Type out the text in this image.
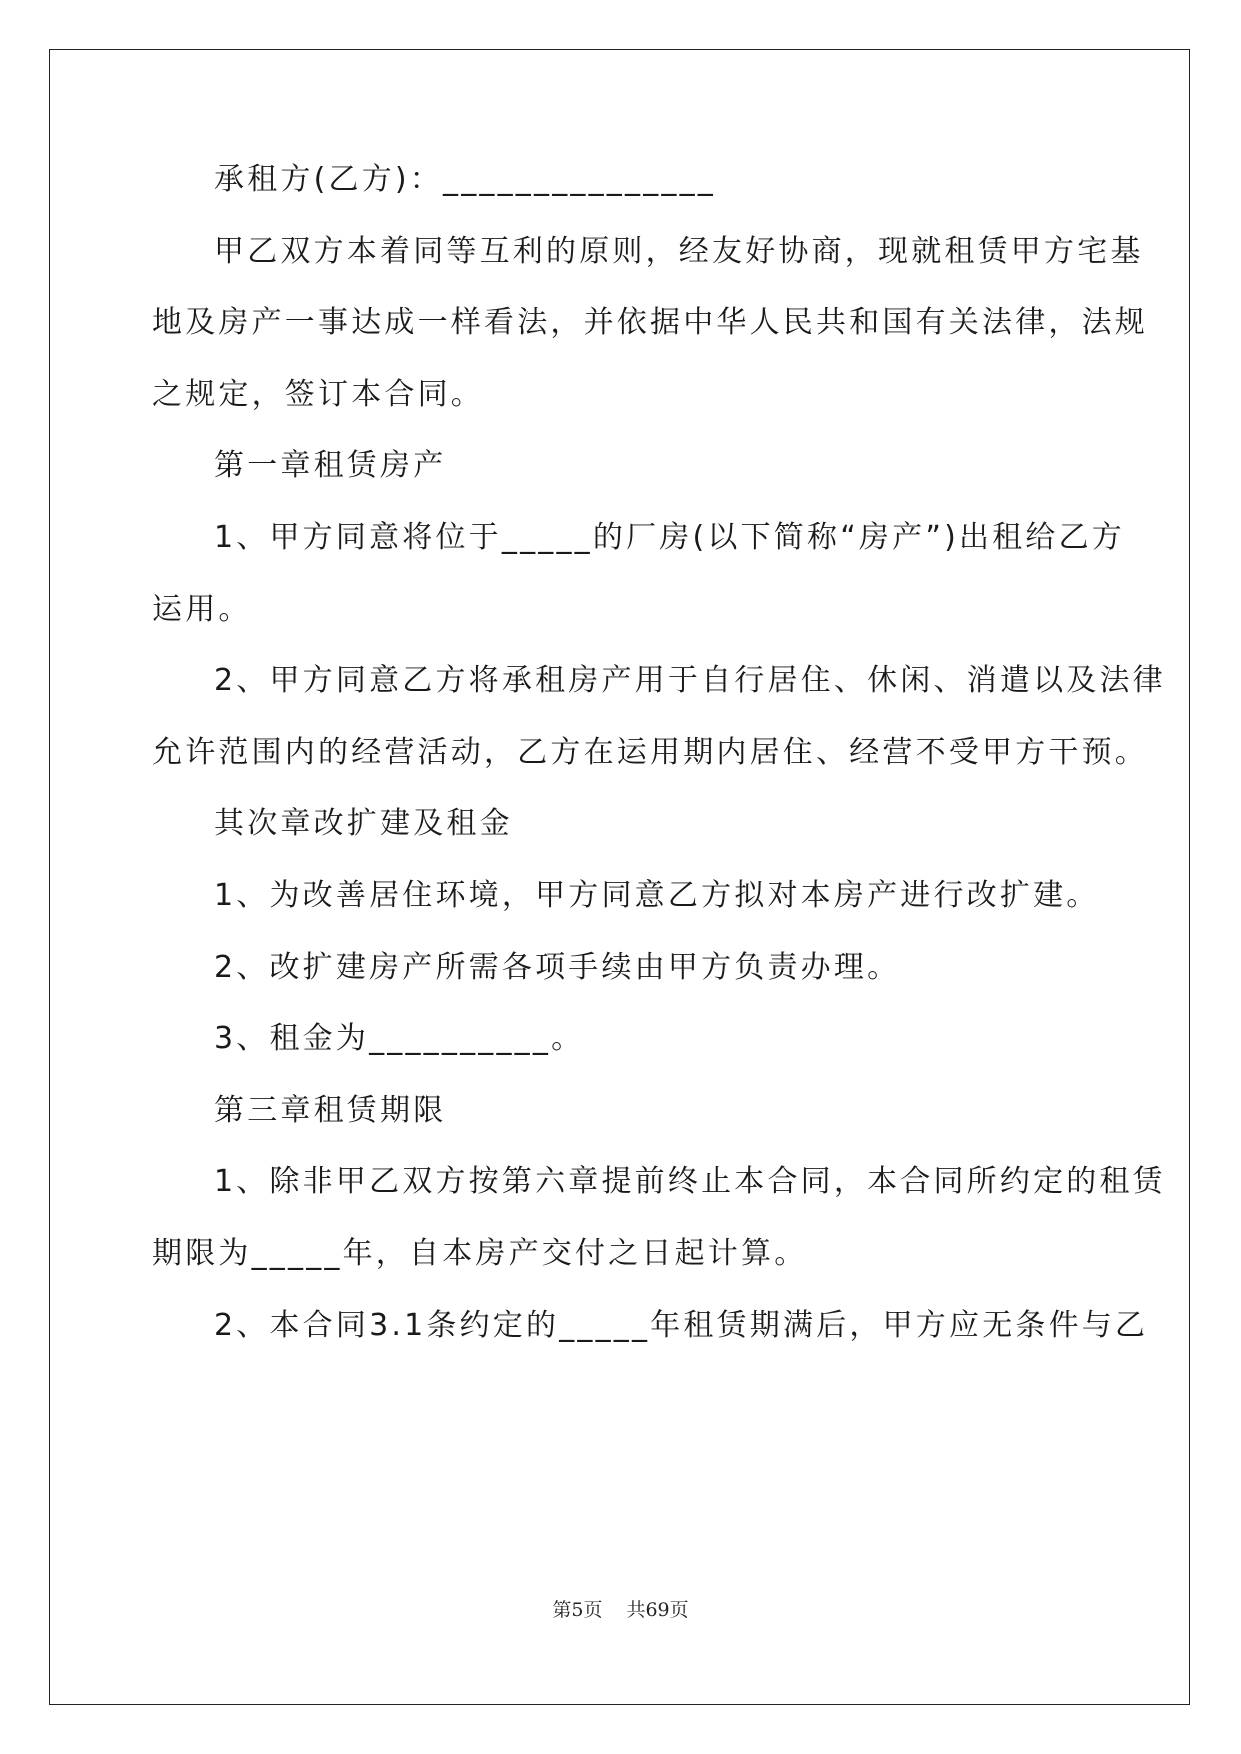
承租方(乙方)：_______________
甲乙双方本着同等互利的原则，经友好协商，现就租赁甲方宅基
地及房产一事达成一样看法，并依据中华人民共和国有关法律，法规
之规定，签订本合同。
第一章租赁房产
1、甲方同意将位于_____的厂房(以下简称“房产”)出租给乙方
运用。
2、甲方同意乙方将承租房产用于自行居住、休闲、消遣以及法律
允许范围内的经营活动，乙方在运用期内居住、经营不受甲方干预。
其次章改扩建及租金
1、为改善居住环境，甲方同意乙方拟对本房产进行改扩建。
2、改扩建房产所需各项手续由甲方负责办理。
3、租金为__________。
第三章租赁期限
1、除非甲乙双方按第六章提前终止本合同，本合同所约定的租赁
期限为_____年，自本房产交付之日起计算。
2、本合同3.1条约定的_____年租赁期满后，甲方应无条件与乙
第5页 共69页
